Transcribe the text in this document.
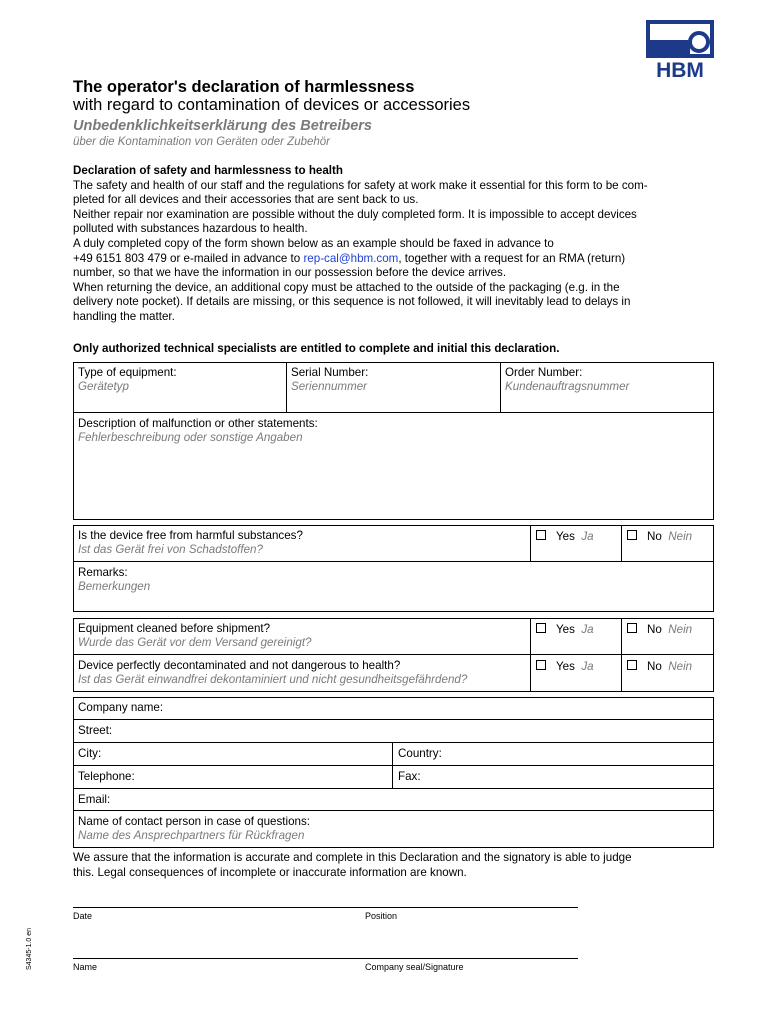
HBM
The operator's declaration of harmlessness
with regard to contamination of devices or accessories
Unbedenklichkeitserklärung des Betreibers
über die Kontamination von Geräten oder Zubehör

Declaration of safety and harmlessness to health

The safety and health of our staff and the regulations for safety at work make it essential for this form to be com-

pleted for all devices and their accessories that are sent back to us.

Neither repair nor examination are possible without the duly completed form. It is impossible to accept devices

polluted with substances hazardous to health.

A duly completed copy of the form shown below as an example should be faxed in advance to

+49 6151 803 479 or e-mailed in advance to rep-cal@hbm.com, together with a request for an RMA (return)

number, so that we have the information in our possession before the device arrives.

When returning the device, an additional copy must be attached to the outside of the packaging (e.g. in the

delivery note pocket). If details are missing, or this sequence is not followed, it will inevitably lead to delays in

handling the matter.

Only authorized technical specialists are entitled to complete and initial this declaration.
Type of equipment:
Gerätetyp
Serial Number:
Seriennummer
Order Number:
Kundenauftragsnummer
Description of malfunction or other statements:
Fehlerbeschreibung oder sonstige Angaben
Is the device free from harmful substances?
Ist das Gerät frei von Schadstoffen?
Yes Ja	No Nein
Remarks:
Bemerkungen
Equipment cleaned before shipment?
Wurde das Gerät vor dem Versand gereinigt?
Yes Ja	No Nein
Device perfectly decontaminated and not dangerous to health?
Ist das Gerät einwandfrei dekontaminiert und nicht gesundheitsgefährdend?
Yes Ja	No Nein
Company name:
Street:
City:	Country:
Telephone:	Fax:
Email:
Name of contact person in case of questions:
Name des Ansprechpartners für Rückfragen
We assure that the information is accurate and complete in this Declaration and the signatory is able to judge
this. Legal consequences of incomplete or inaccurate information are known.
Date	Position
Name	Company seal/Signature
S4345-1.0 en
